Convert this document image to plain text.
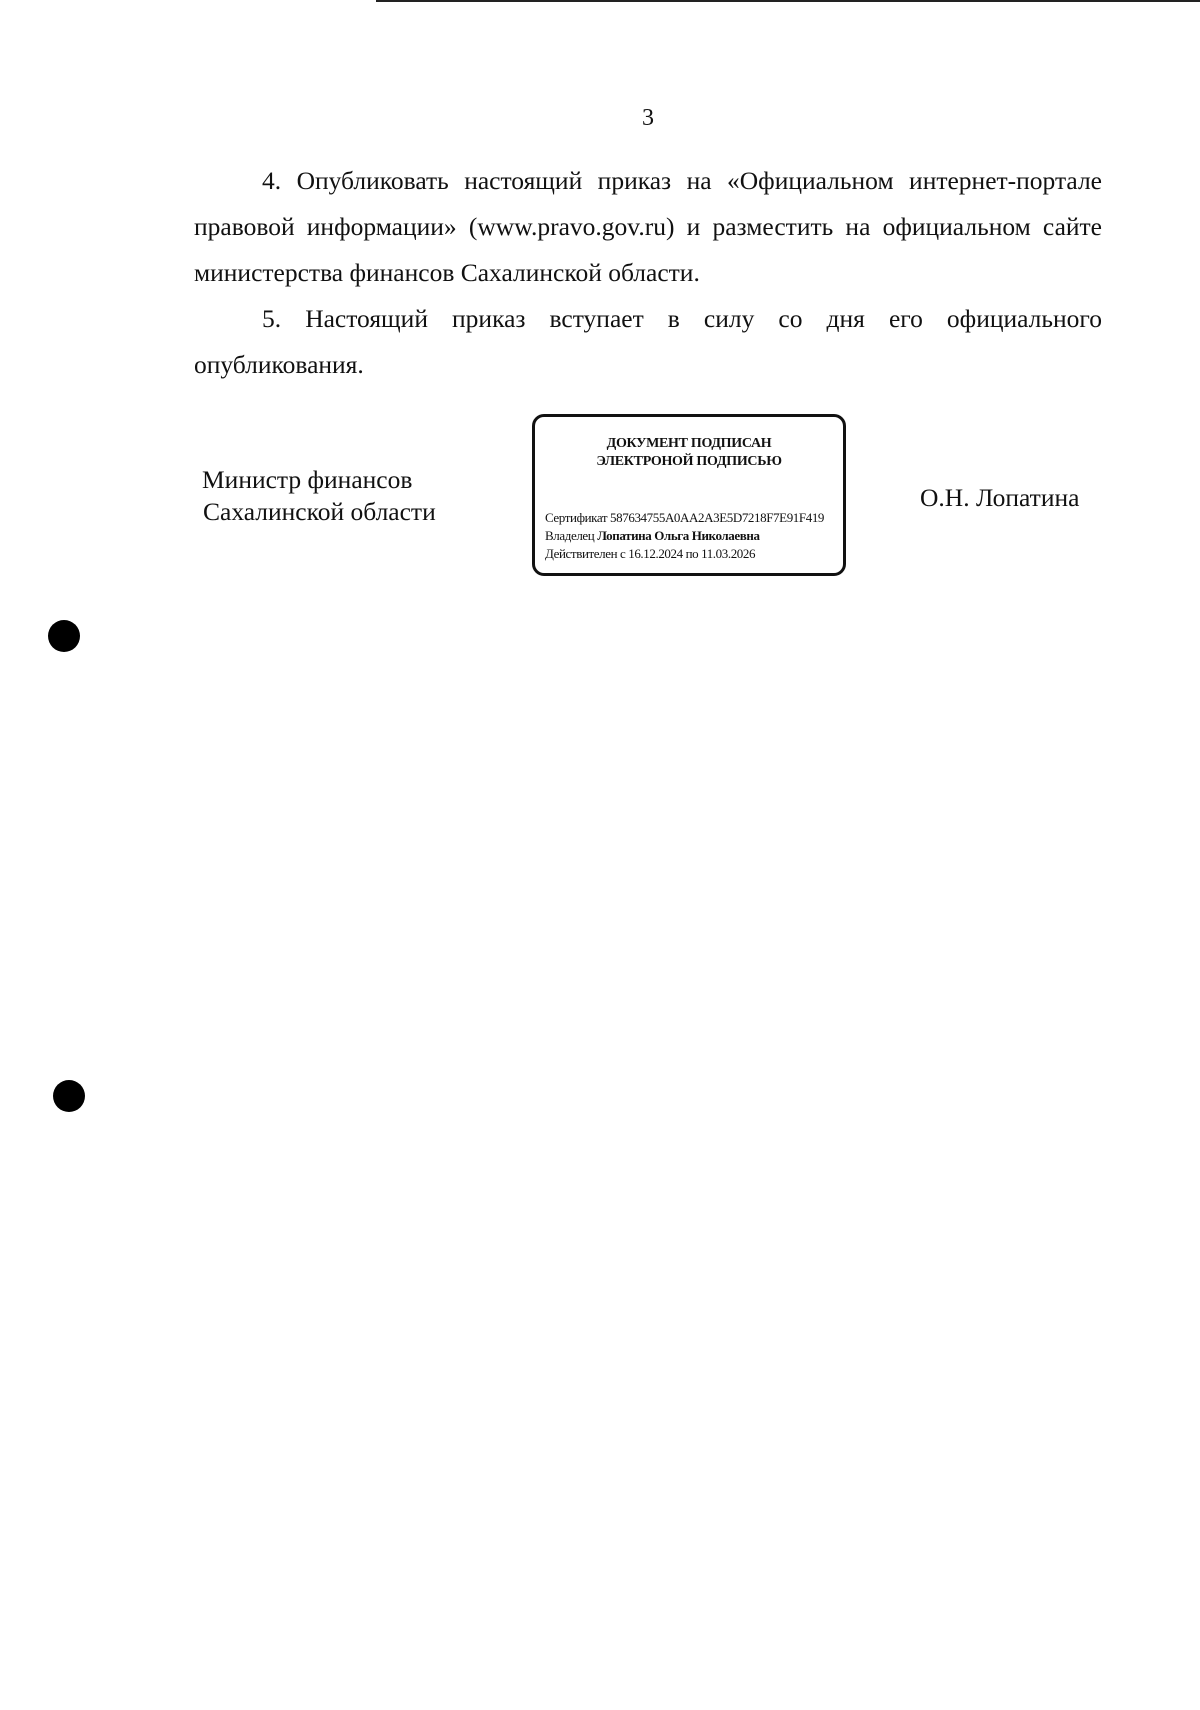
3

4. Опубликовать настоящий приказ на «Официальном интернет-портале правовой информации» (www.pravo.gov.ru) и разместить на официальном сайте министерства финансов Сахалинской области.

5. Настоящий приказ вступает в силу со дня его официального опубликования.

Министр финансов
Сахалинской области
ДОКУМЕНТ ПОДПИСАН
ЭЛЕКТРОНОЙ ПОДПИСЬЮ
Сертификат 587634755A0AA2A3E5D7218F7E91F419
Владелец Лопатина Ольга Николаевна
Действителен с 16.12.2024 по 11.03.2026
О.Н. Лопатина
